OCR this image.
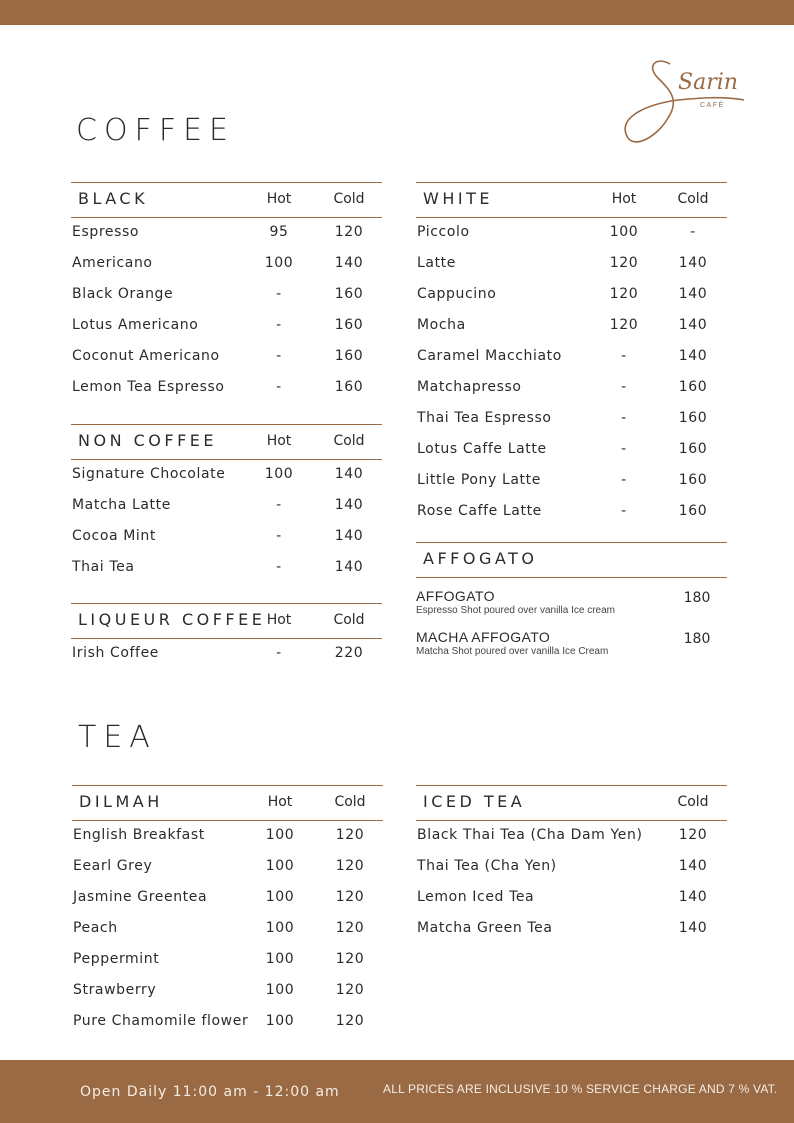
Sarin
CAFÉ
COFFEE
BLACK	Hot	Cold
Espresso	95	120
Americano	100	140
Black Orange	-	160
Lotus Americano	-	160
Coconut Americano	-	160
Lemon Tea Espresso	-	160
NON COFFEE	Hot	Cold
Signature Chocolate	100	140
Matcha Latte	-	140
Cocoa Mint	-	140
Thai Tea	-	140
LIQUEUR COFFEE Hot	Cold
Irish Coffee	-	220
WHITE	Hot	Cold
Piccolo	100	-
Latte	120	140
Cappucino	120	140
Mocha	120	140
Caramel Macchiato	-	140
Matchapresso	-	160
Thai Tea Espresso	-	160
Lotus Caffe Latte	-	160
Little Pony Latte	-	160
Rose Caffe Latte	-	160
AFFOGATO
AFFOGATO
Espresso Shot poured over vanilla Ice cream
180
MACHA AFFOGATO
Matcha Shot poured over vanilla Ice Cream
180
TEA
DILMAH	Hot	Cold
English Breakfast	100	120
Eearl Grey	100	120
Jasmine Greentea	100	120
Peach	100	120
Peppermint	100	120
Strawberry	100	120
Pure Chamomile flower	100	120
ICED TEA	Cold
Black Thai Tea (Cha Dam Yen)	120
Thai Tea (Cha Yen)	140
Lemon Iced Tea	140
Matcha Green Tea	140
Open Daily 11:00 am - 12:00 am	ALL PRICES ARE INCLUSIVE 10 % SERVICE CHARGE AND 7 % VAT.
